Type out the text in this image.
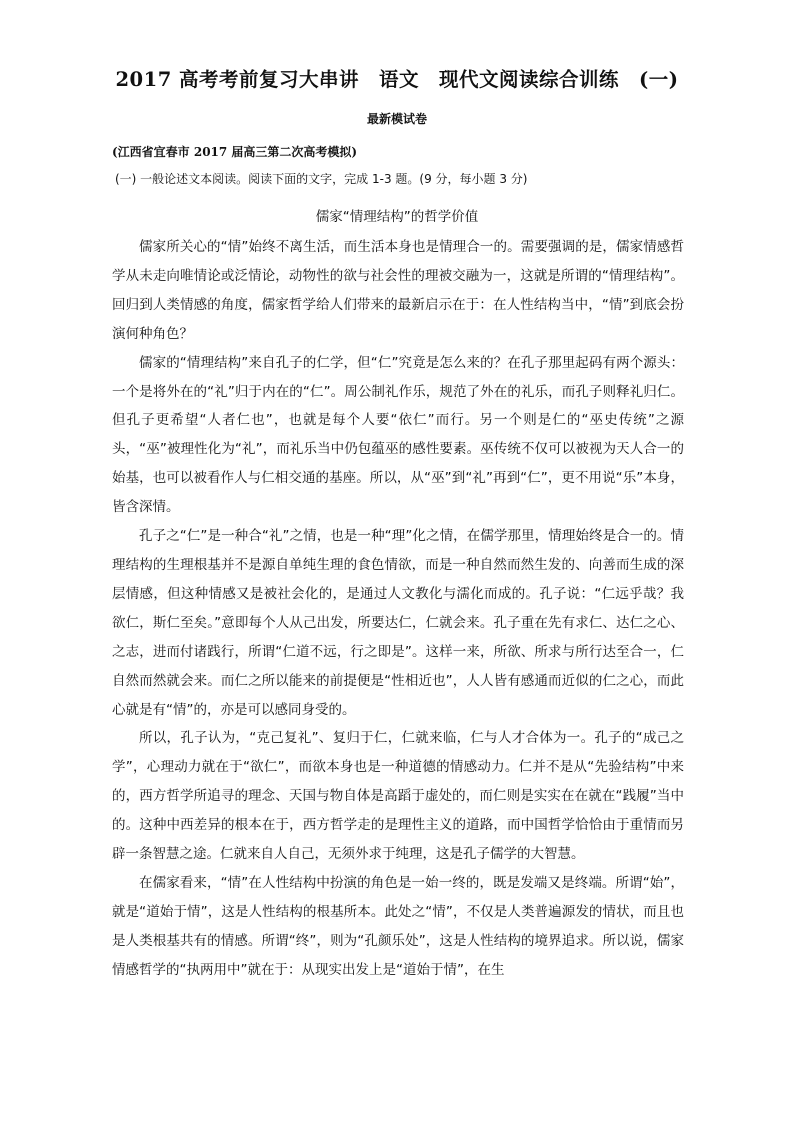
2017 高考考前复习大串讲　语文　现代文阅读综合训练　(一)
最新模试卷
(江西省宜春市 2017 届高三第二次高考模拟)
(一) 一般论述文本阅读。阅读下面的文字，完成 1-3 题。(9 分，每小题 3 分)
儒家“情理结构”的哲学价值

儒家所关心的“情”始终不离生活，而生活本身也是情理合一的。需要强调的是，儒家情感哲学从未走向唯情论或泛情论，动物性的欲与社会性的理被交融为一，这就是所谓的“情理结构”。回归到人类情感的角度，儒家哲学给人们带来的最新启示在于：在人性结构当中，“情”到底会扮演何种角色？

儒家的“情理结构”来自孔子的仁学，但“仁”究竟是怎么来的？在孔子那里起码有两个源头：一个是将外在的“礼”归于内在的“仁”。周公制礼作乐，规范了外在的礼乐，而孔子则释礼归仁。但孔子更希望“人者仁也”，也就是每个人要“依仁”而行。另一个则是仁的“巫史传统”之源头，“巫”被理性化为“礼”，而礼乐当中仍包蕴巫的感性要素。巫传统不仅可以被视为天人合一的始基，也可以被看作人与仁相交通的基座。所以，从“巫”到“礼”再到“仁”，更不用说“乐”本身，皆含深情。

孔子之“仁”是一种合“礼”之情，也是一种“理”化之情，在儒学那里，情理始终是合一的。情理结构的生理根基并不是源自单纯生理的食色情欲，而是一种自然而然生发的、向善而生成的深层情感，但这种情感又是被社会化的，是通过人文教化与濡化而成的。孔子说：“仁远乎哉？我欲仁，斯仁至矣。”意即每个人从己出发，所要达仁，仁就会来。孔子重在先有求仁、达仁之心、之志，进而付诸践行，所谓“仁道不远，行之即是”。这样一来，所欲、所求与所行达至合一，仁自然而然就会来。而仁之所以能来的前提便是“性相近也”，人人皆有感通而近似的仁之心，而此心就是有“情”的，亦是可以感同身受的。

所以，孔子认为，“克己复礼”、复归于仁，仁就来临，仁与人才合体为一。孔子的“成己之学”，心理动力就在于“欲仁”，而欲本身也是一种道德的情感动力。仁并不是从“先验结构”中来的，西方哲学所追寻的理念、天国与物自体是高蹈于虚处的，而仁则是实实在在就在“践履”当中的。这种中西差异的根本在于，西方哲学走的是理性主义的道路，而中国哲学恰恰由于重情而另辟一条智慧之途。仁就来自人自己，无须外求于纯理，这是孔子儒学的大智慧。

在儒家看来，“情”在人性结构中扮演的角色是一始一终的，既是发端又是终端。所谓“始”，就是“道始于情”，这是人性结构的根基所本。此处之“情”，不仅是人类普遍源发的情状，而且也是人类根基共有的情感。所谓“终”，则为“孔颜乐处”，这是人性结构的境界追求。所以说，儒家情感哲学的“执两用中”就在于：从现实出发上是“道始于情”，在生
